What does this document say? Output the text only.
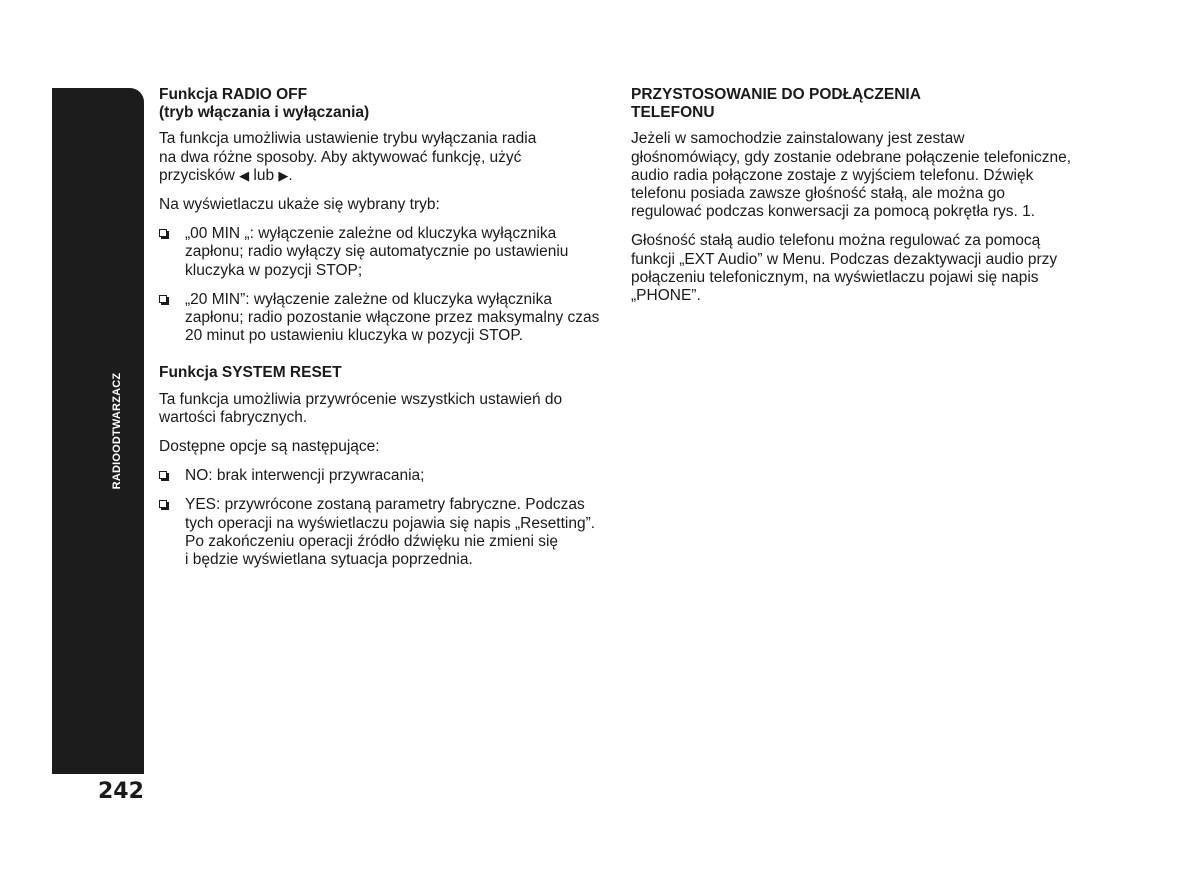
RADIOODTWARZACZ
242
Funkcja RADIO OFF
(tryb włączania i wyłączania)
Ta funkcja umożliwia ustawienie trybu wyłączania radia
na dwa różne sposoby. Aby aktywować funkcję, użyć
przycisków ◀ lub ▶.
Na wyświetlaczu ukaże się wybrany tryb:
„00 MIN „: wyłączenie zależne od kluczyka wyłącznika
zapłonu; radio wyłączy się automatycznie po ustawieniu
kluczyka w pozycji STOP;
„20 MIN”: wyłączenie zależne od kluczyka wyłącznika
zapłonu; radio pozostanie włączone przez maksymalny czas
20 minut po ustawieniu kluczyka w pozycji STOP.
Funkcja SYSTEM RESET
Ta funkcja umożliwia przywrócenie wszystkich ustawień do
wartości fabrycznych.
Dostępne opcje są następujące:
NO: brak interwencji przywracania;
YES: przywrócone zostaną parametry fabryczne. Podczas
tych operacji na wyświetlaczu pojawia się napis „Resetting”.
Po zakończeniu operacji źródło dźwięku nie zmieni się
i będzie wyświetlana sytuacja poprzednia.
PRZYSTOSOWANIE DO PODŁĄCZENIA
TELEFONU
Jeżeli w samochodzie zainstalowany jest zestaw
głośnomówiący, gdy zostanie odebrane połączenie telefoniczne,
audio radia połączone zostaje z wyjściem telefonu. Dźwięk
telefonu posiada zawsze głośność stałą, ale można go
regulować podczas konwersacji za pomocą pokrętła rys. 1.
Głośność stałą audio telefonu można regulować za pomocą
funkcji „EXT Audio” w Menu. Podczas dezaktywacji audio przy
połączeniu telefonicznym, na wyświetlaczu pojawi się napis
„PHONE”.
